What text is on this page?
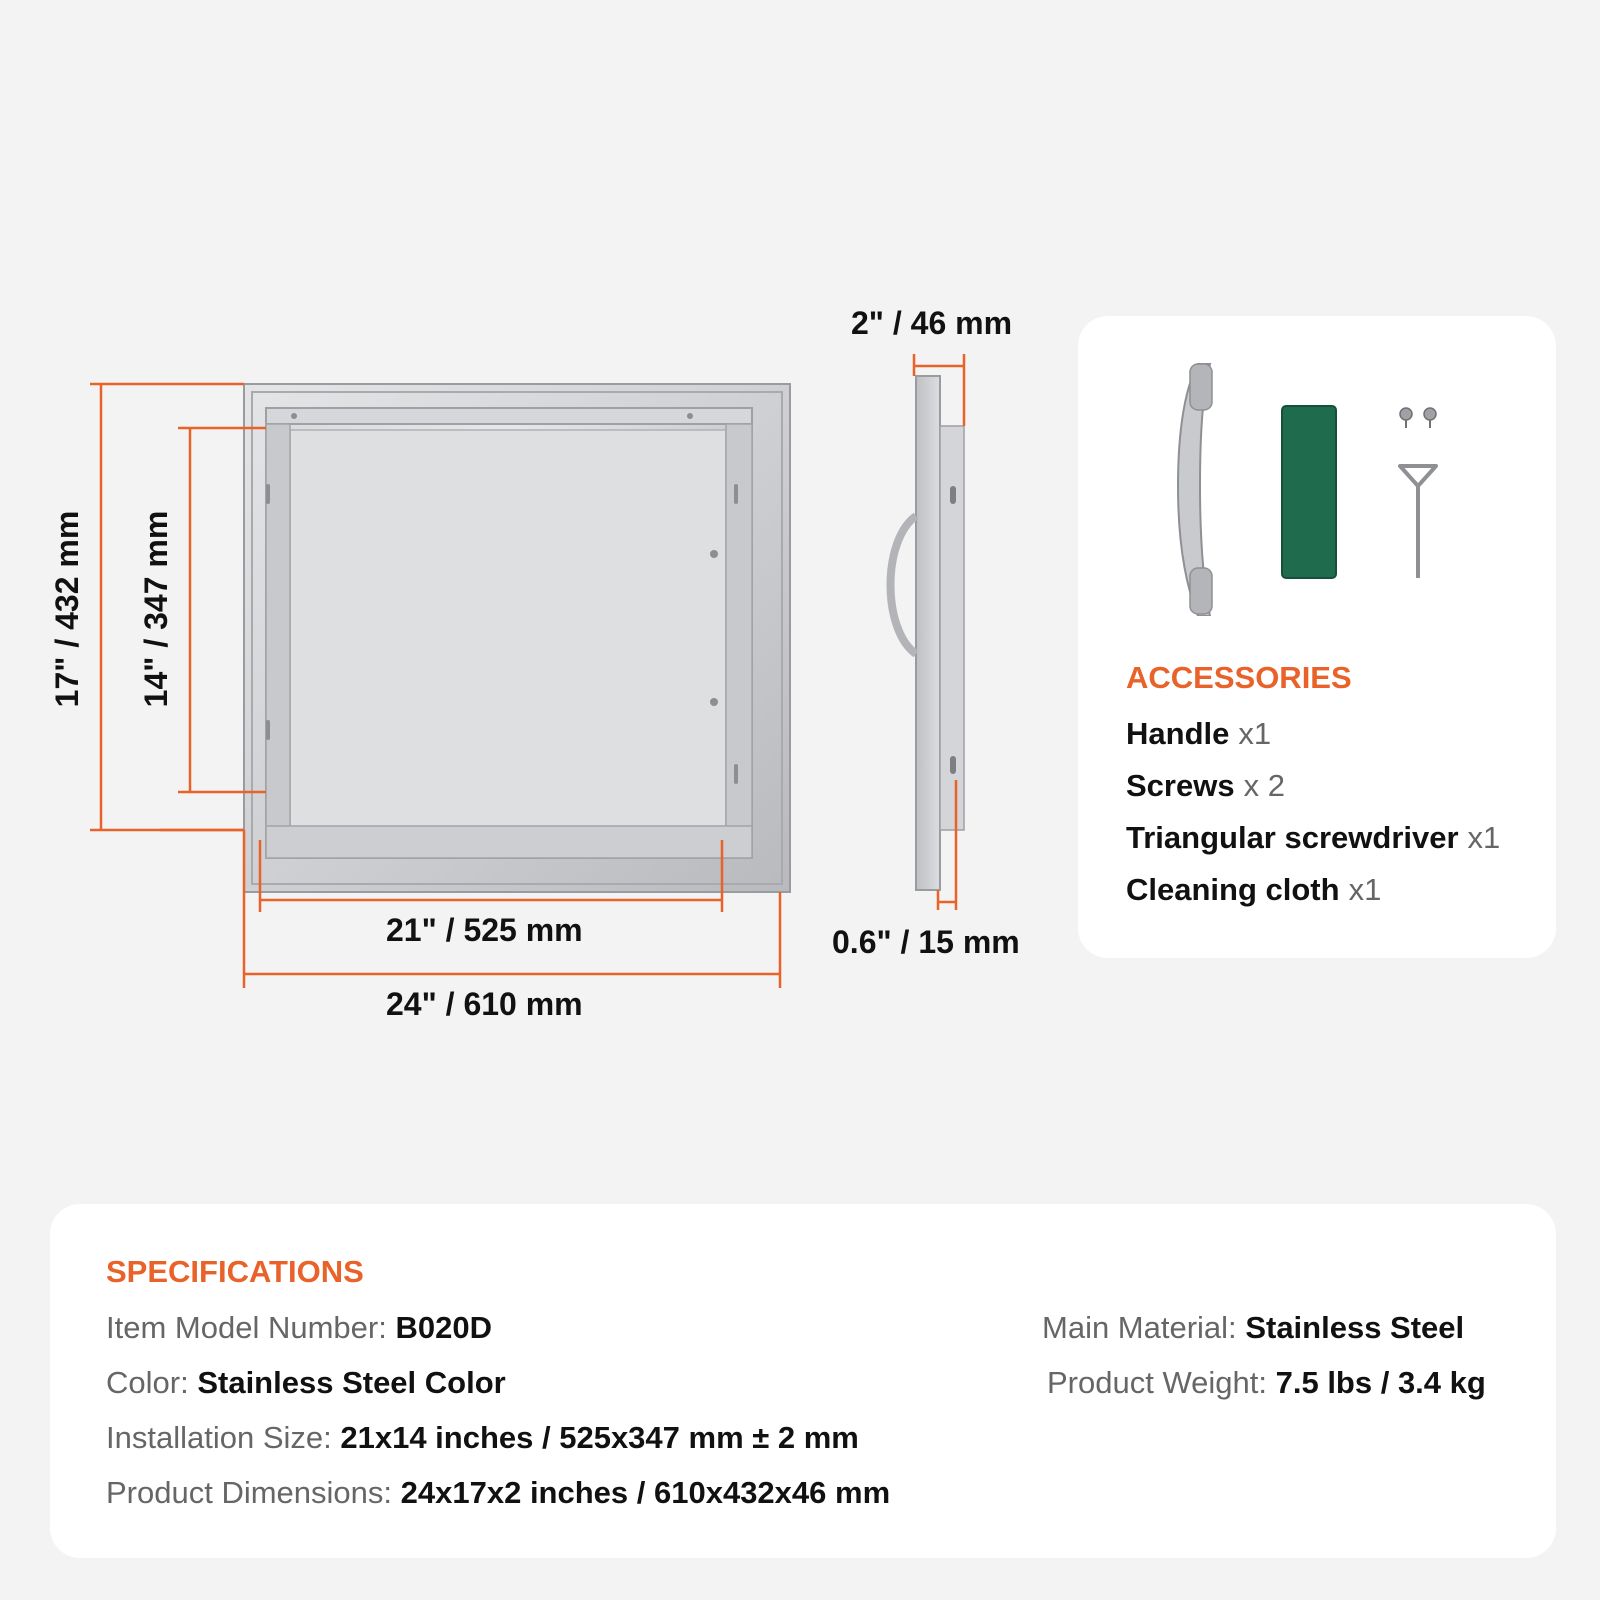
17" / 432 mm 14" / 347 mm
21" / 525 mm
24" / 610 mm
2" / 46 mm
0.6" / 15 mm
ACCESSORIES
Handle x1
Screws x 2
Triangular screwdriver x1
Cleaning cloth x1
SPECIFICATIONS
Item Model Number: B020D
Color: Stainless Steel Color
Installation Size: 21x14 inches / 525x347 mm ± 2 mm
Product Dimensions: 24x17x2 inches / 610x432x46 mm
Main Material: Stainless Steel
Product Weight: 7.5 lbs / 3.4 kg
